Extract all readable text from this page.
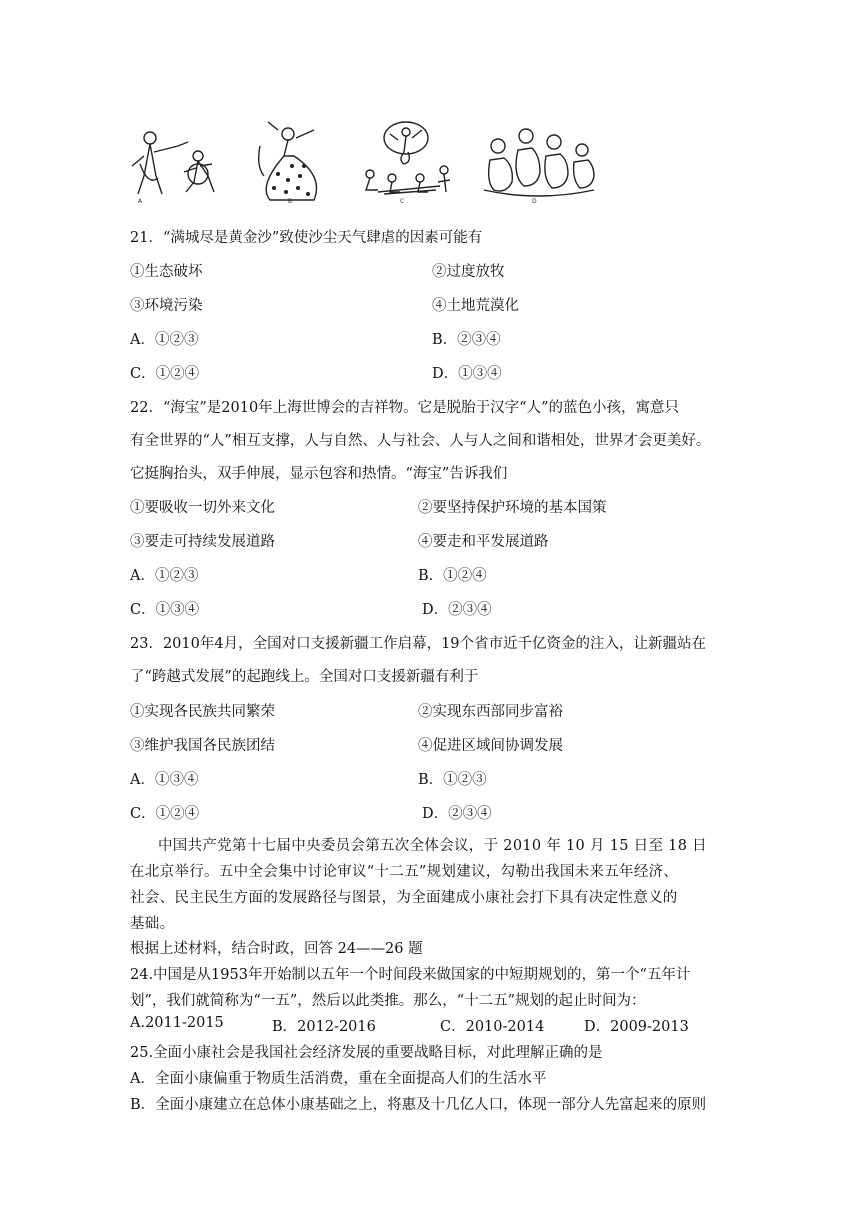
A	B	C	D
21．“满城尽是黄金沙”致使沙尘天气肆虐的因素可能有
①生态破坏	②过度放牧
③环境污染	④土地荒漠化
A．①②③	B．②③④
C．①②④	D．①③④
22．“海宝”是2010年上海世博会的吉祥物。它是脱胎于汉字“人”的蓝色小孩，寓意只
有全世界的“人”相互支撑，人与自然、人与社会、人与人之间和谐相处，世界才会更美好。
它挺胸抬头，双手伸展，显示包容和热情。“海宝”告诉我们
①要吸收一切外来文化	②要坚持保护环境的基本国策
③要走可持续发展道路	④要走和平发展道路
A．①②③	B．①②④
C．①③④	D．②③④
23．2010年4月，全国对口支援新疆工作启幕，19个省市近千亿资金的注入，让新疆站在
了“跨越式发展”的起跑线上。全国对口支援新疆有利于
①实现各民族共同繁荣	②实现东西部同步富裕
③维护我国各民族团结	④促进区域间协调发展
A．①③④	B．①②③
C．①②④	D．②③④
中国共产党第十七届中央委员会第五次全体会议，于 2010 年 10 月 15 日至 18 日
在北京举行。五中全会集中讨论审议“十二五”规划建议，勾勒出我国未来五年经济、
社会、民主民生方面的发展路径与图景，为全面建成小康社会打下具有决定性意义的
基础。
根据上述材料，结合时政，回答 24——26 题
24.中国是从1953年开始制以五年一个时间段来做国家的中短期规划的，第一个“五年计
划”，我们就简称为“一五”，然后以此类推。那么，“十二五”规划的起止时间为：
A.2011-2015	B．2012-2016	C．2010-2014	D．2009-2013
25.全面小康社会是我国社会经济发展的重要战略目标，对此理解正确的是
A．全面小康偏重于物质生活消费，重在全面提高人们的生活水平
B．全面小康建立在总体小康基础之上，将惠及十几亿人口，体现一部分人先富起来的原则
